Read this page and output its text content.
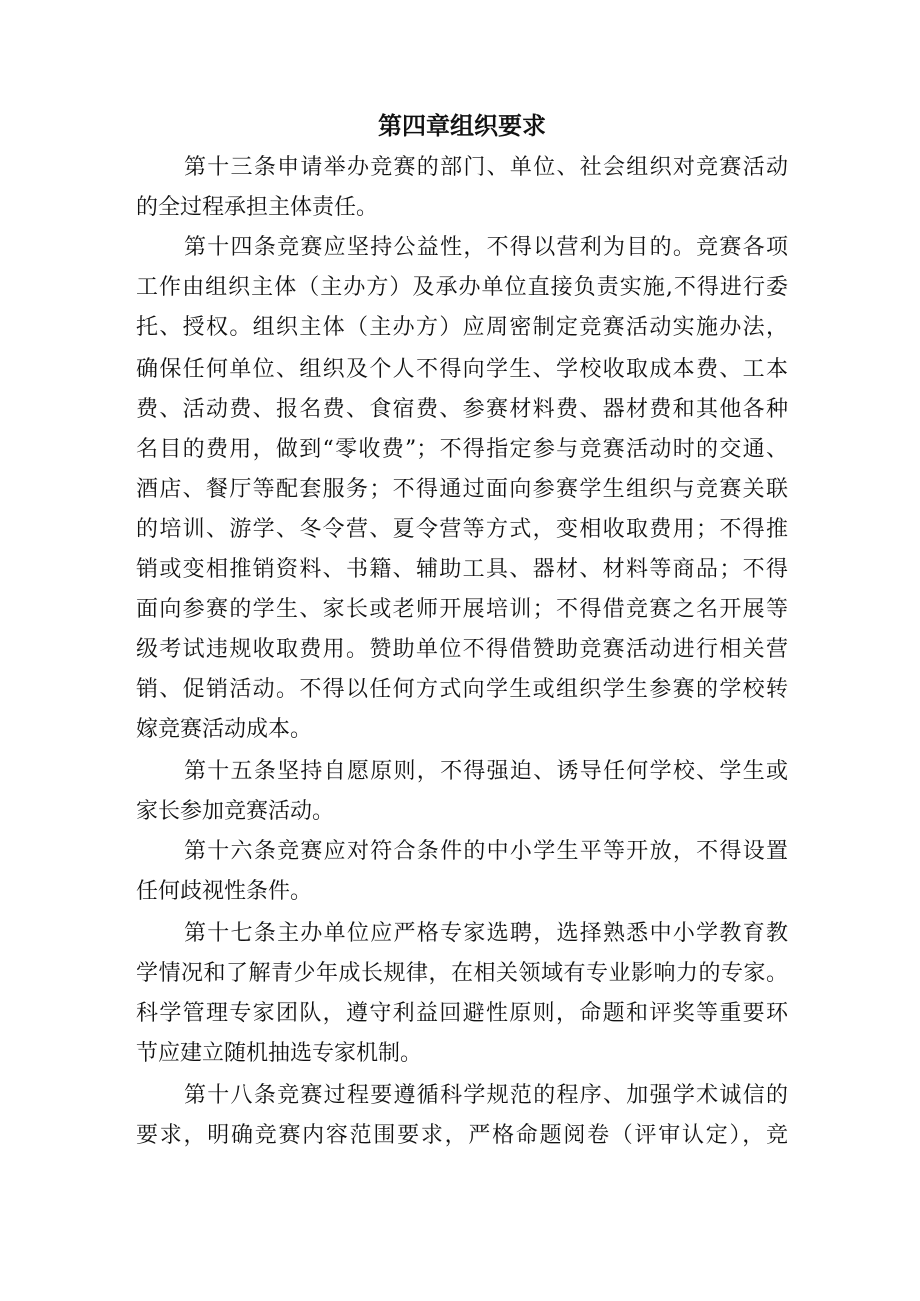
第四章组织要求
第十三条申请举办竞赛的部门、单位、社会组织对竞赛活动
的全过程承担主体责任。
第十四条竞赛应坚持公益性，不得以营利为目的。竞赛各项
工作由组织主体（主办方）及承办单位直接负责实施,不得进行委
托、授权。组织主体（主办方）应周密制定竞赛活动实施办法，
确保任何单位、组织及个人不得向学生、学校收取成本费、工本
费、活动费、报名费、食宿费、参赛材料费、器材费和其他各种
名目的费用，做到“零收费”；不得指定参与竞赛活动时的交通、
酒店、餐厅等配套服务；不得通过面向参赛学生组织与竞赛关联
的培训、游学、冬令营、夏令营等方式，变相收取费用；不得推
销或变相推销资料、书籍、辅助工具、器材、材料等商品；不得
面向参赛的学生、家长或老师开展培训；不得借竞赛之名开展等
级考试违规收取费用。赞助单位不得借赞助竞赛活动进行相关营
销、促销活动。不得以任何方式向学生或组织学生参赛的学校转
嫁竞赛活动成本。
第十五条坚持自愿原则，不得强迫、诱导任何学校、学生或
家长参加竞赛活动。
第十六条竞赛应对符合条件的中小学生平等开放，不得设置
任何歧视性条件。
第十七条主办单位应严格专家选聘，选择熟悉中小学教育教
学情况和了解青少年成长规律，在相关领域有专业影响力的专家。
科学管理专家团队，遵守利益回避性原则，命题和评奖等重要环
节应建立随机抽选专家机制。
第十八条竞赛过程要遵循科学规范的程序、加强学术诚信的
要求，明确竞赛内容范围要求，严格命题阅卷（评审认定），竞
